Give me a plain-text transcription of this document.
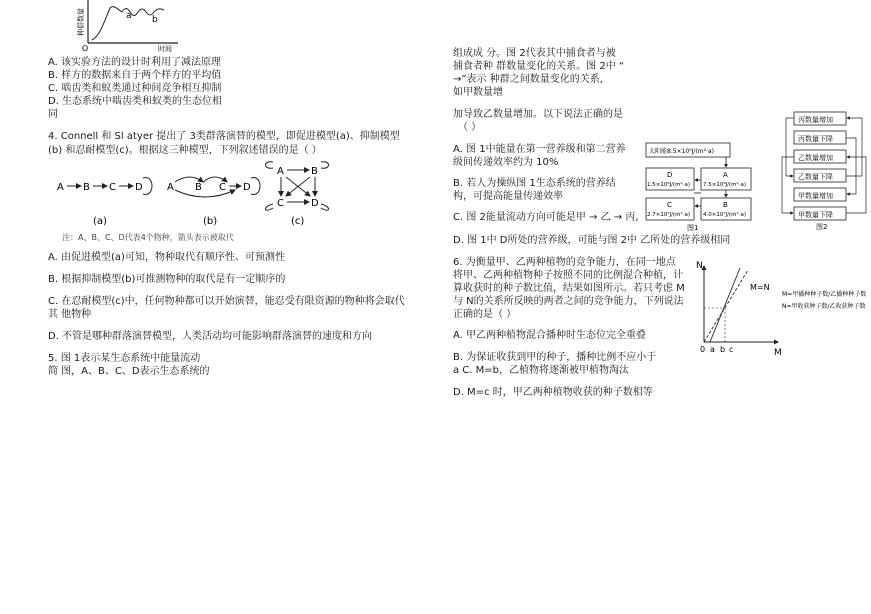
种群数量	a b
O	时间
A. 该实验方法的设计时利用了减法原理
B. 样方的数据来自于两个样方的平均值
C. 啮齿类和蚁类通过种间竞争相互抑制
D. 生态系统中啮齿类和蚁类的生态位相
同
4. Connell 和 Sl atyer 提出了 3类群落演替的模型，即促进模型(a)、抑制模型
(b) 和忍耐模型(c)。根据这三种模型，下列叙述错误的是（ ）
A B C D
(a)
A B C D
(b)
A	B
C	D
(c)
注：A、B、C、D代表4个物种，箭头表示被取代
A. 由促进模型(a)可知，物种取代有顺序性、可预测性
B. 根据抑制模型(b)可推测物种的取代是有一定顺序的
C. 在忍耐模型(c)中，任何物种都可以开始演替，能忍受有限资源的物种将会取代
其 他物种
D. 不管是哪种群落演替模型，人类活动均可能影响群落演替的速度和方向
5. 图 1表示某生态系统中能量流动
简 图，A、B、C、D表示生态系统的
组成成 分。图 2代表其中捕食者与被
捕食者种 群数量变化的关系。图 2中 “
→”表示 种群之间数量变化的关系，
如甲数量增
加导致乙数量增加。以下说法正确的是
（ ）
A. 图 1中能量在第一营养级和第二营养
级间传递效率约为 10%
B. 若人为操纵图 1生态系统的营养结
构，可提高能量传递效率
C. 图 2能量流动方向可能是甲 → 乙 → 丙,
D. 图 1中 D所处的营养级，可能与图 2中 乙所处的营养级相同
太阳能8.5×10⁹J/(m²·a)
7.5×10⁸J/(m²·a)
A
1.5×10⁶J/(m²·a)
D
2.7×10⁵J/(m²·a)
C
4.0×10⁷J/(m²·a)
B
图1
丙数量增加
丙数量下降
乙数量增加
乙数量下降
甲数量增加
甲数量下降
图2
6. 为衡量甲、乙两种植物的竞争能力，在同一地点
将甲、乙两种植物种子按照不同的比例混合种植，计
算收获时的种子数比值，结果如图所示。若只考虑 M
与 N的关系所反映的两者之间的竞争能力，下列说法
正确的是（ ）
A. 甲乙两种植物混合播种时生态位完全重叠
B. 为保证收获到甲的种子，播种比例不应小于
a C. M=b，乙植物将逐渐被甲植物淘汰
D. M=c 时，甲乙两种植物收获的种子数相等
N
M
0 a b c
M=N
M=甲播种种子数/乙播种种子数
N=甲收获种子数/乙收获种子数
